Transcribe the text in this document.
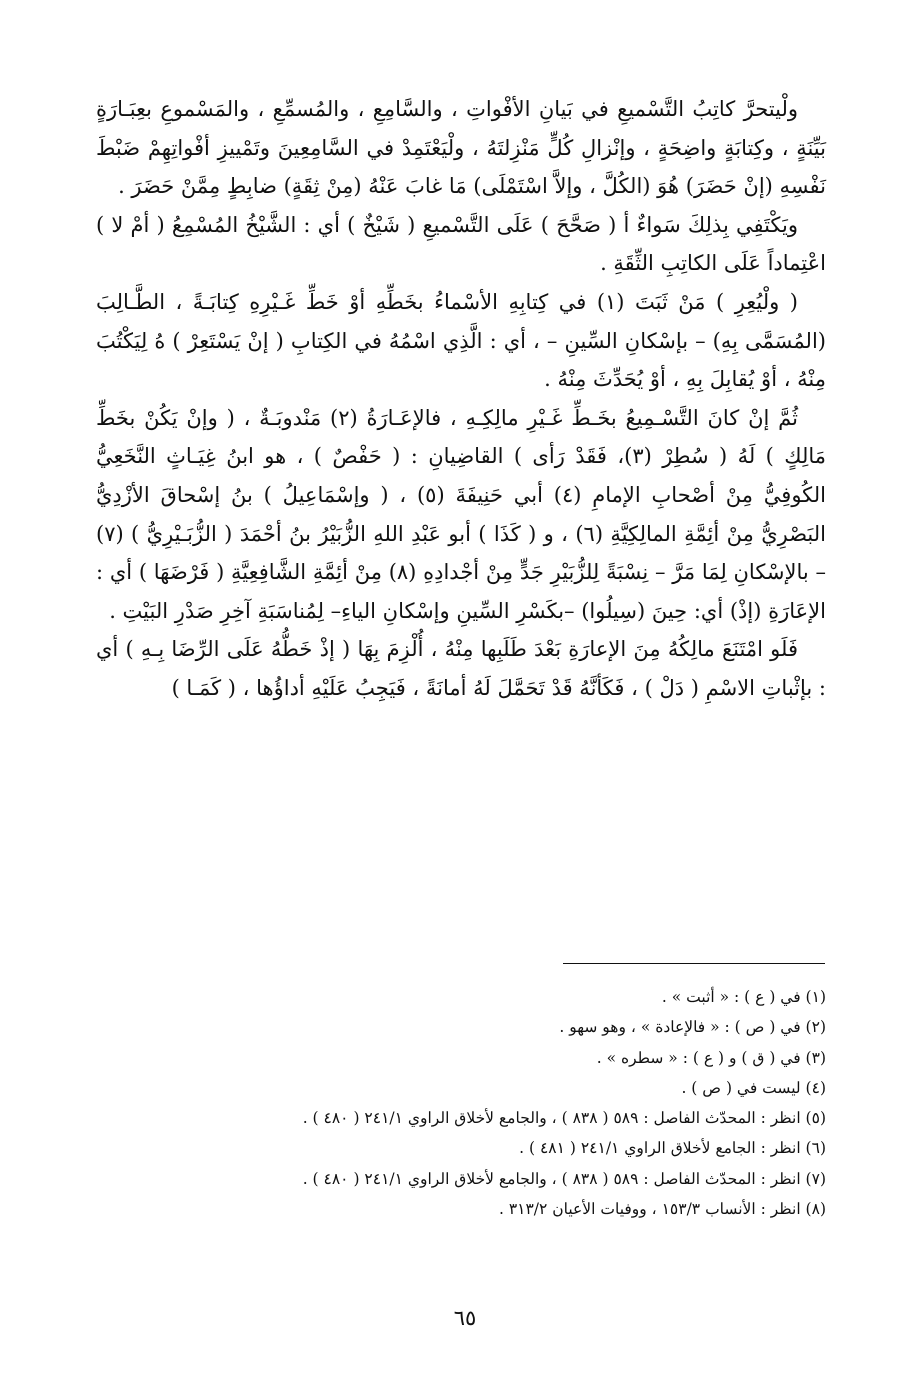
ولْيتحرَّ كاتِبُ التَّسْميعِ في بَيانِ الأفْواتِ ، والسَّامِعِ ، والمُسمِّعِ ، والمَسْموعِ بعِبَـارَةٍ بَيِّنَةٍ ، وكِتابَةٍ واضِحَةٍ ، وإنْزالِ كُلٍّ مَنْزِلتَهُ ، ولْيَعْتَمِدْ في السَّامِعِينَ وتَمْييزِ أفْواتِهِمْ ضَبْطَ نَفْسِهِ (إنْ حَضَرَ) هُوَ (الكُلَّ ، وإلاَّ اسْتَمْلَى) مَا غابَ عَنْهُ (مِنْ ثِقَةٍ) ضابِطٍ مِمَّنْ حَضَرَ .

ويَكْتَفِي بِذلِكَ سَواءٌ أ ( صَحَّحَ ) عَلَى التَّسْميعِ ( شَيْخٌ ) أي : الشَّيْخُ المُسْمِعُ ( أمْ لا ) اعْتِماداً عَلَى الكاتِبِ الثِّقَةِ .

( ولْيُعِرِ ) مَنْ ثَبَتَ (١) في كِتابِهِ الأسْماءُ بخَطِّهِ أوْ خَطِّ غَـيْرِهِ كِتابَـةً ، الطَّـالِبَ (المُسَمَّى بِهِ) – بإسْكانِ السِّينِ – ، أي : الَّذِي اسْمُهُ في الكِتابِ ( إنْ يَسْتَعِرْ ) هُ لِيَكْتُبَ مِنْهُ ، أوْ يُقابِلَ بِهِ ، أوْ يُحَدِّثَ مِنْهُ .

ثُمَّ إنْ كانَ التَّسْـمِيعُ بخَـطِّ غَـيْرِ مالِكِـهِ ، فالإعَـارَةُ (٢) مَنْدوبَـةٌ ، ( وإنْ يَكُنْ بخَطِّ مَالِكٍ ) لَهُ ( سُطِرْ (٣)، فَقَدْ رَأى ) القاضِيانِ : ( حَفْصٌ ) ، هو ابنُ غِيَـاثٍ النَّخَعِيُّ الكُوفِيُّ مِنْ أصْحابِ الإمامِ (٤) أبي حَنِيفَةَ (٥) ، ( وإسْمَاعِيلُ ) بنُ إسْحاقَ الأزْدِيُّ البَصْرِيُّ مِنْ أئِمَّةِ المالِكِيَّةِ (٦) ، و ( كَذَا ) أبو عَبْدِ اللهِ الزُّبَيْرُ بنُ أحْمَدَ ( الزُّبَـيْرِيُّ ) (٧) – بالإسْكانِ لِمَا مَرَّ – نِسْبَةً لِلزُّبَيْرِ جَدٍّ مِنْ أجْدادِهِ (٨) مِنْ أئِمَّةِ الشَّافِعِيَّةِ ( فَرْضَهَا ) أي : الإعَارَةِ (إذْ) أي: حِينَ (سِيلُوا) –بكَسْرِ السِّينِ وإسْكانِ الياءِ– لِمُناسَبَةِ آخِرِ صَدْرِ البَيْتِ .

فَلَو امْتَنَعَ مالِكُهُ مِنَ الإعارَةِ بَعْدَ طَلَبِها مِنْهُ ، أُلْزِمَ بِهَا ( إذْ خَطُّهُ عَلَى الرِّضَا بِـهِ ) أي : بإثْباتِ الاسْمِ ( دَلْ ) ، فَكَأنَّهُ قَدْ تَحَمَّلَ لَهُ أمانَةً ، فَيَجِبُ عَلَيْهِ أداؤُها ، ( كَمَـا )

(١) في ( ع ) : « أثبت » .
(٢) في ( ص ) : « فالإعادة » ، وهو سهو .
(٣) في ( ق ) و ( ع ) : « سطره » .
(٤) ليست في ( ص ) .
(٥) انظر : المحدّث الفاصل : ٥٨٩ ( ٨٣٨ ) ، والجامع لأخلاق الراوي ٢٤١/١ ( ٤٨٠ ) .
(٦) انظر : الجامع لأخلاق الراوي ٢٤١/١ ( ٤٨١ ) .
(٧) انظر : المحدّث الفاصل : ٥٨٩ ( ٨٣٨ ) ، والجامع لأخلاق الراوي ٢٤١/١ ( ٤٨٠ ) .
(٨) انظر : الأنساب ١٥٣/٣ ، ووفيات الأعيان ٣١٣/٢ .
٦٥
